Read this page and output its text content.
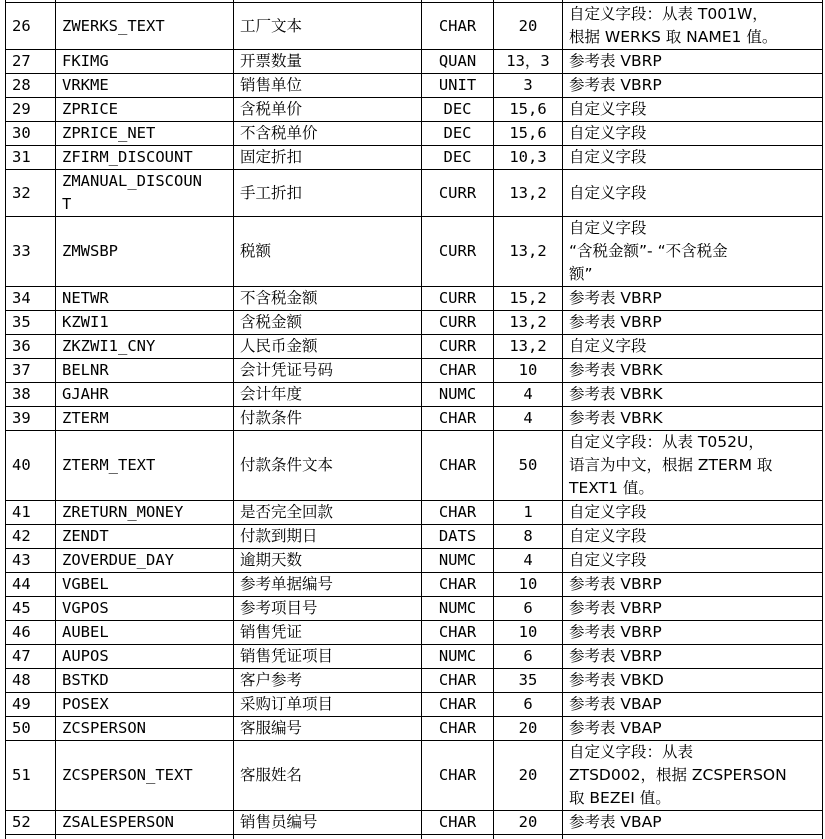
26	ZWERKS_TEXT	工厂文本	CHAR	20	自定义字段：从表 T001W，
根据 WERKS 取 NAME1 值。
27	FKIMG	开票数量	QUAN	13，3	参考表 VBRP
28	VRKME	销售单位	UNIT	3	参考表 VBRP
29	ZPRICE	含税单价	DEC	15,6	自定义字段
30	ZPRICE_NET	不含税单价	DEC	15,6	自定义字段
31	ZFIRM_DISCOUNT	固定折扣	DEC	10,3	自定义字段
32	ZMANUAL_DISCOUN
T	手工折扣	CURR	13,2	自定义字段
33	ZMWSBP	税额	CURR	13,2	自定义字段
“含税金额”- “不含税金
额”
34	NETWR	不含税金额	CURR	15,2	参考表 VBRP
35	KZWI1	含税金额	CURR	13,2	参考表 VBRP
36	ZKZWI1_CNY	人民币金额	CURR	13,2	自定义字段
37	BELNR	会计凭证号码	CHAR	10	参考表 VBRK
38	GJAHR	会计年度	NUMC	4	参考表 VBRK
39	ZTERM	付款条件	CHAR	4	参考表 VBRK
40	ZTERM_TEXT	付款条件文本	CHAR	50	自定义字段：从表 T052U，
语言为中文，根据 ZTERM 取
TEXT1 值。
41	ZRETURN_MONEY	是否完全回款	CHAR	1	自定义字段
42	ZENDT	付款到期日	DATS	8	自定义字段
43	ZOVERDUE_DAY	逾期天数	NUMC	4	自定义字段
44	VGBEL	参考单据编号	CHAR	10	参考表 VBRP
45	VGPOS	参考项目号	NUMC	6	参考表 VBRP
46	AUBEL	销售凭证	CHAR	10	参考表 VBRP
47	AUPOS	销售凭证项目	NUMC	6	参考表 VBRP
48	BSTKD	客户参考	CHAR	35	参考表 VBKD
49	POSEX	采购订单项目	CHAR	6	参考表 VBAP
50	ZCSPERSON	客服编号	CHAR	20	参考表 VBAP
51	ZCSPERSON_TEXT	客服姓名	CHAR	20	自定义字段：从表
ZTSD002，根据 ZCSPERSON
取 BEZEI 值。
52	ZSALESPERSON	销售员编号	CHAR	20	参考表 VBAP
